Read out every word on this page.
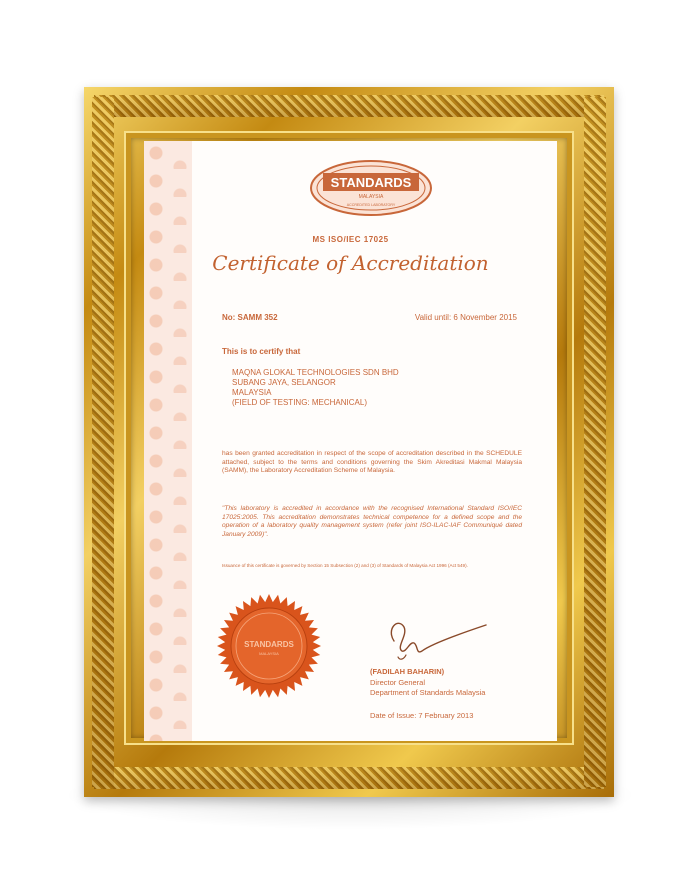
STANDARDS
MALAYSIA
ACCREDITED LABORATORY

MS ISO/IEC 17025

Certificate of Accreditation

No: SAMM 352	Valid until: 6 November 2015

This is to certify that

MAQNA GLOKAL TECHNOLOGIES SDN BHD
SUBANG JAYA, SELANGOR
MALAYSIA
(FIELD OF TESTING: MECHANICAL)

has been granted accreditation in respect of the scope of accreditation described in the SCHEDULE attached, subject to the terms and conditions governing the Skim Akreditasi Makmal Malaysia (SAMM), the Laboratory Accreditation Scheme of Malaysia.

"This laboratory is accredited in accordance with the recognised International Standard ISO/IEC 17025:2005. This accreditation demonstrates technical competence for a defined scope and the operation of a laboratory quality management system (refer joint ISO-ILAC-IAF Communiqué dated January 2009)".

Issuance of this certificate is governed by Section 15 Subsection (2) and (3) of Standards of Malaysia Act 1996 (Act 549).

STANDARDS
MALAYSIA

(FADILAH BAHARIN)

Director General

Department of Standards Malaysia

Date of Issue: 7 February 2013
